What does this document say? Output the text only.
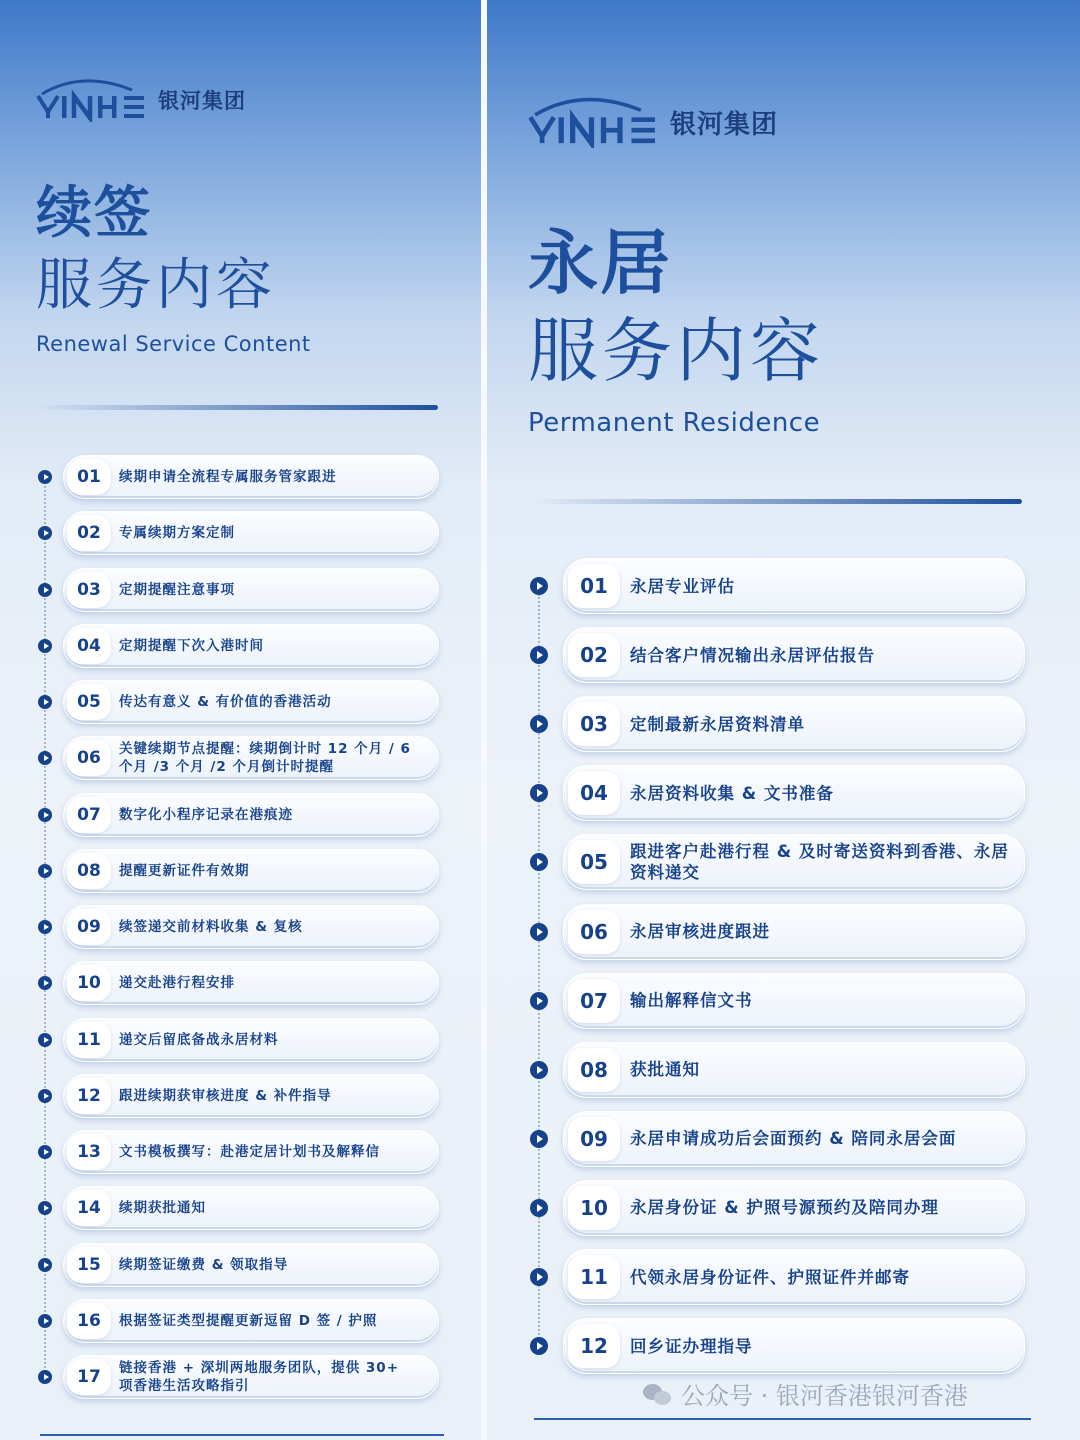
银河集团
续签
服务内容
Renewal Service Content
01	续期申请全流程专属服务管家跟进
02	专属续期方案定制
03	定期提醒注意事项
04	定期提醒下次入港时间
05	传达有意义 & 有价值的香港活动
06	关键续期节点提醒：续期倒计时 12 个月 / 6 个月 /3 个月 /2 个月倒计时提醒
07	数字化小程序记录在港痕迹
08	提醒更新证件有效期
09	续签递交前材料收集 & 复核
10	递交赴港行程安排
11	递交后留底备战永居材料
12	跟进续期获审核进度 & 补件指导
13	文书模板撰写：赴港定居计划书及解释信
14	续期获批通知
15	续期签证缴费 & 领取指导
16	根据签证类型提醒更新逗留 D 签 / 护照
17	链接香港 + 深圳两地服务团队，提供 30+ 项香港生活攻略指引
银河集团
永居
服务内容
Permanent Residence
01	永居专业评估
02	结合客户情况输出永居评估报告
03	定制最新永居资料清单
04	永居资料收集 & 文书准备
05	跟进客户赴港行程 & 及时寄送资料到香港、永居资料递交
06	永居审核进度跟进
07	输出解释信文书
08	获批通知
09	永居申请成功后会面预约 & 陪同永居会面
10	永居身份证 & 护照号源预约及陪同办理
11	代领永居身份证件、护照证件并邮寄
12	回乡证办理指导
公众号 · 银河香港银河香港
